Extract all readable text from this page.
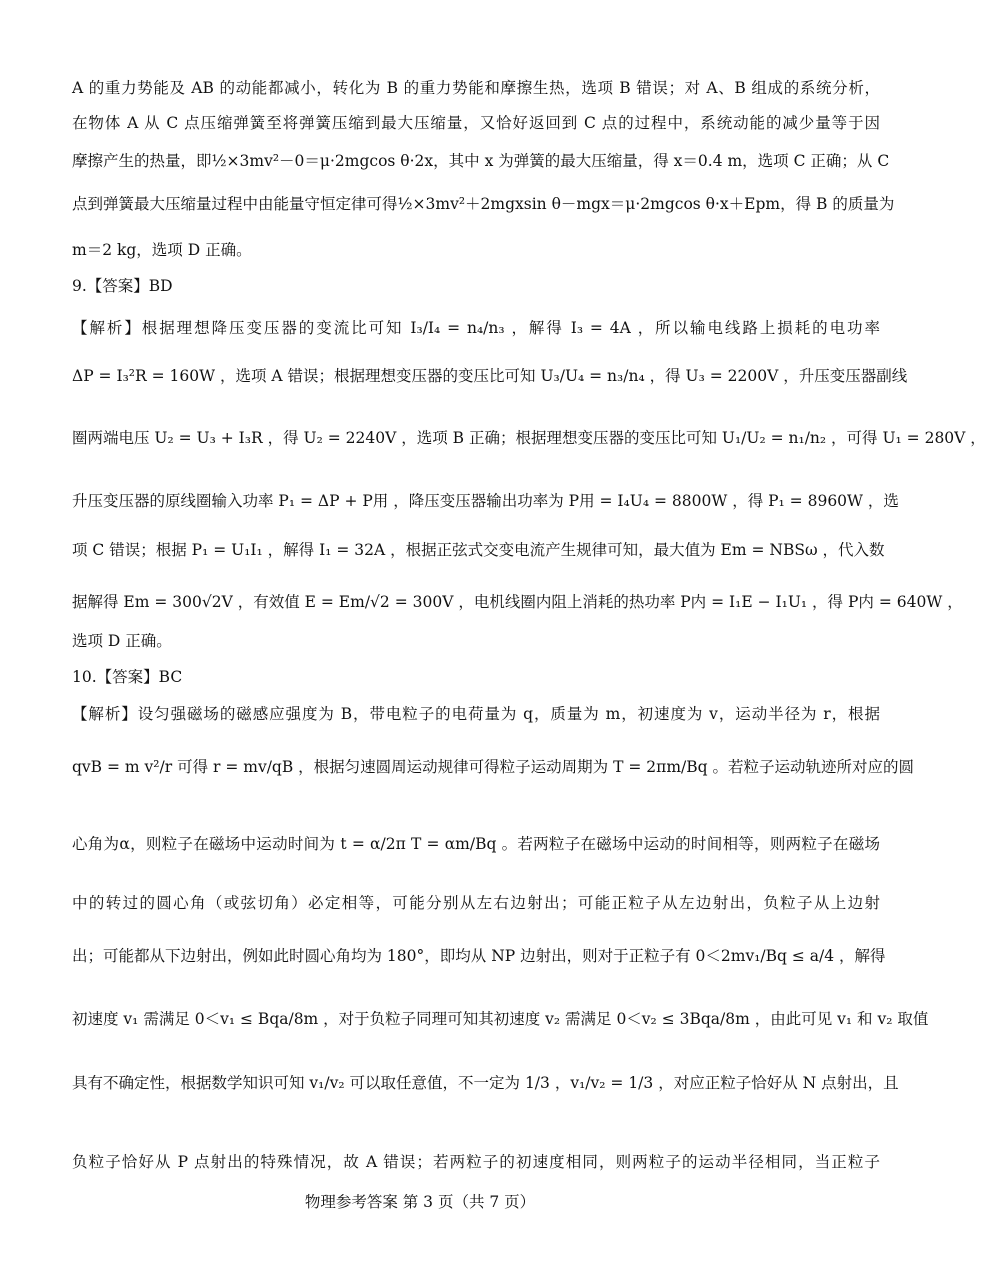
A 的重力势能及 AB 的动能都减小，转化为 B 的重力势能和摩擦生热，选项 B 错误；对 A、B 组成的系统分析，
在物体 A 从 C 点压缩弹簧至将弹簧压缩到最大压缩量，又恰好返回到 C 点的过程中，系统动能的减少量等于因
摩擦产生的热量，即½×3mv²－0＝μ·2mgcos θ·2x，其中 x 为弹簧的最大压缩量，得 x＝0.4 m，选项 C 正确；从 C
点到弹簧最大压缩量过程中由能量守恒定律可得½×3mv²＋2mgxsin θ－mgx＝μ·2mgcos θ·x＋Epm，得 B 的质量为
m＝2 kg，选项 D 正确。
9.【答案】BD
【解析】根据理想降压变压器的变流比可知 I₃/I₄ = n₄/n₃ ，解得 I₃ = 4A ，所以输电线路上损耗的电功率
ΔP = I₃²R = 160W ，选项 A 错误；根据理想变压器的变压比可知 U₃/U₄ = n₃/n₄ ，得 U₃ = 2200V ，升压变压器副线
圈两端电压 U₂ = U₃ + I₃R ，得 U₂ = 2240V ，选项 B 正确；根据理想变压器的变压比可知 U₁/U₂ = n₁/n₂ ，可得 U₁ = 280V ，
升压变压器的原线圈输入功率 P₁ = ΔP + P用 ，降压变压器输出功率为 P用 = I₄U₄ = 8800W ，得 P₁ = 8960W ，选
项 C 错误；根据 P₁ = U₁I₁ ，解得 I₁ = 32A ，根据正弦式交变电流产生规律可知，最大值为 Em = NBSω ，代入数
据解得 Em = 300√2V ，有效值 E = Em/√2 = 300V ，电机线圈内阻上消耗的热功率 P内 = I₁E − I₁U₁ ，得 P内 = 640W ，
选项 D 正确。
10.【答案】BC
【解析】设匀强磁场的磁感应强度为 B，带电粒子的电荷量为 q，质量为 m，初速度为 v，运动半径为 r，根据
qvB = m v²/r 可得 r = mv/qB ，根据匀速圆周运动规律可得粒子运动周期为 T = 2πm/Bq 。若粒子运动轨迹所对应的圆
心角为α，则粒子在磁场中运动时间为 t = α/2π T = αm/Bq 。若两粒子在磁场中运动的时间相等，则两粒子在磁场
中的转过的圆心角（或弦切角）必定相等，可能分别从左右边射出；可能正粒子从左边射出，负粒子从上边射
出；可能都从下边射出，例如此时圆心角均为 180°，即均从 NP 边射出，则对于正粒子有 0＜2mv₁/Bq ≤ a/4 ，解得
初速度 v₁ 需满足 0＜v₁ ≤ Bqa/8m ，对于负粒子同理可知其初速度 v₂ 需满足 0＜v₂ ≤ 3Bqa/8m ，由此可见 v₁ 和 v₂ 取值
具有不确定性，根据数学知识可知 v₁/v₂ 可以取任意值，不一定为 1/3 ，v₁/v₂ = 1/3 ，对应正粒子恰好从 N 点射出，且
负粒子恰好从 P 点射出的特殊情况，故 A 错误；若两粒子的初速度相同，则两粒子的运动半径相同，当正粒子
物理参考答案 第 3 页（共 7 页）
